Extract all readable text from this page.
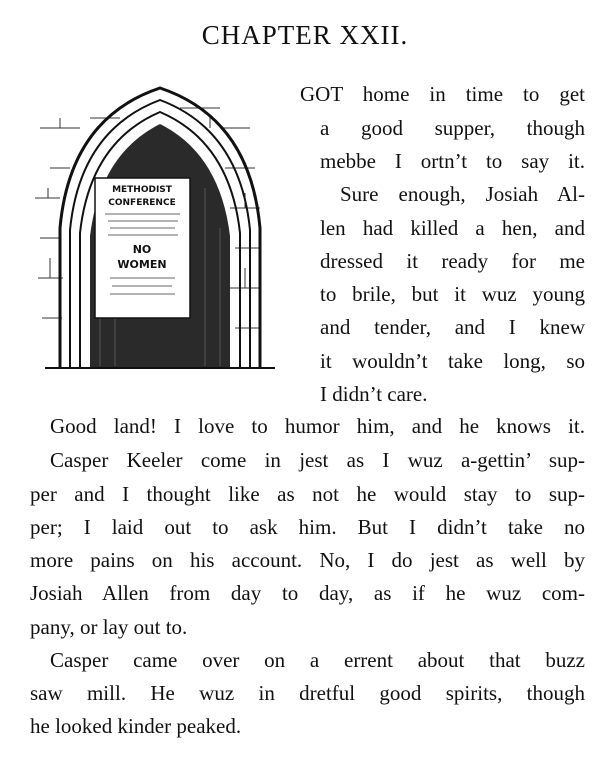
CHAPTER XXII.
METHODIST
CONFERENCE
NO
WOMEN
GOT home in time to get
a good supper, though
mebbe I ortn’t to say it.
Sure enough, Josiah Al-
len had killed a hen, and
dressed it ready for me
to brile, but it wuz young
and tender, and I knew
it wouldn’t take long, so
I didn’t care.
Good land! I love to humor him, and he knows it.
Casper Keeler come in jest as I wuz a-gettin’ sup-
per and I thought like as not he would stay to sup-
per; I laid out to ask him. But I didn’t take no
more pains on his account. No, I do jest as well by
Josiah Allen from day to day, as if he wuz com-
pany, or lay out to.
Casper came over on a errent about that buzz
saw mill. He wuz in dretful good spirits, though
he looked kinder peaked.
